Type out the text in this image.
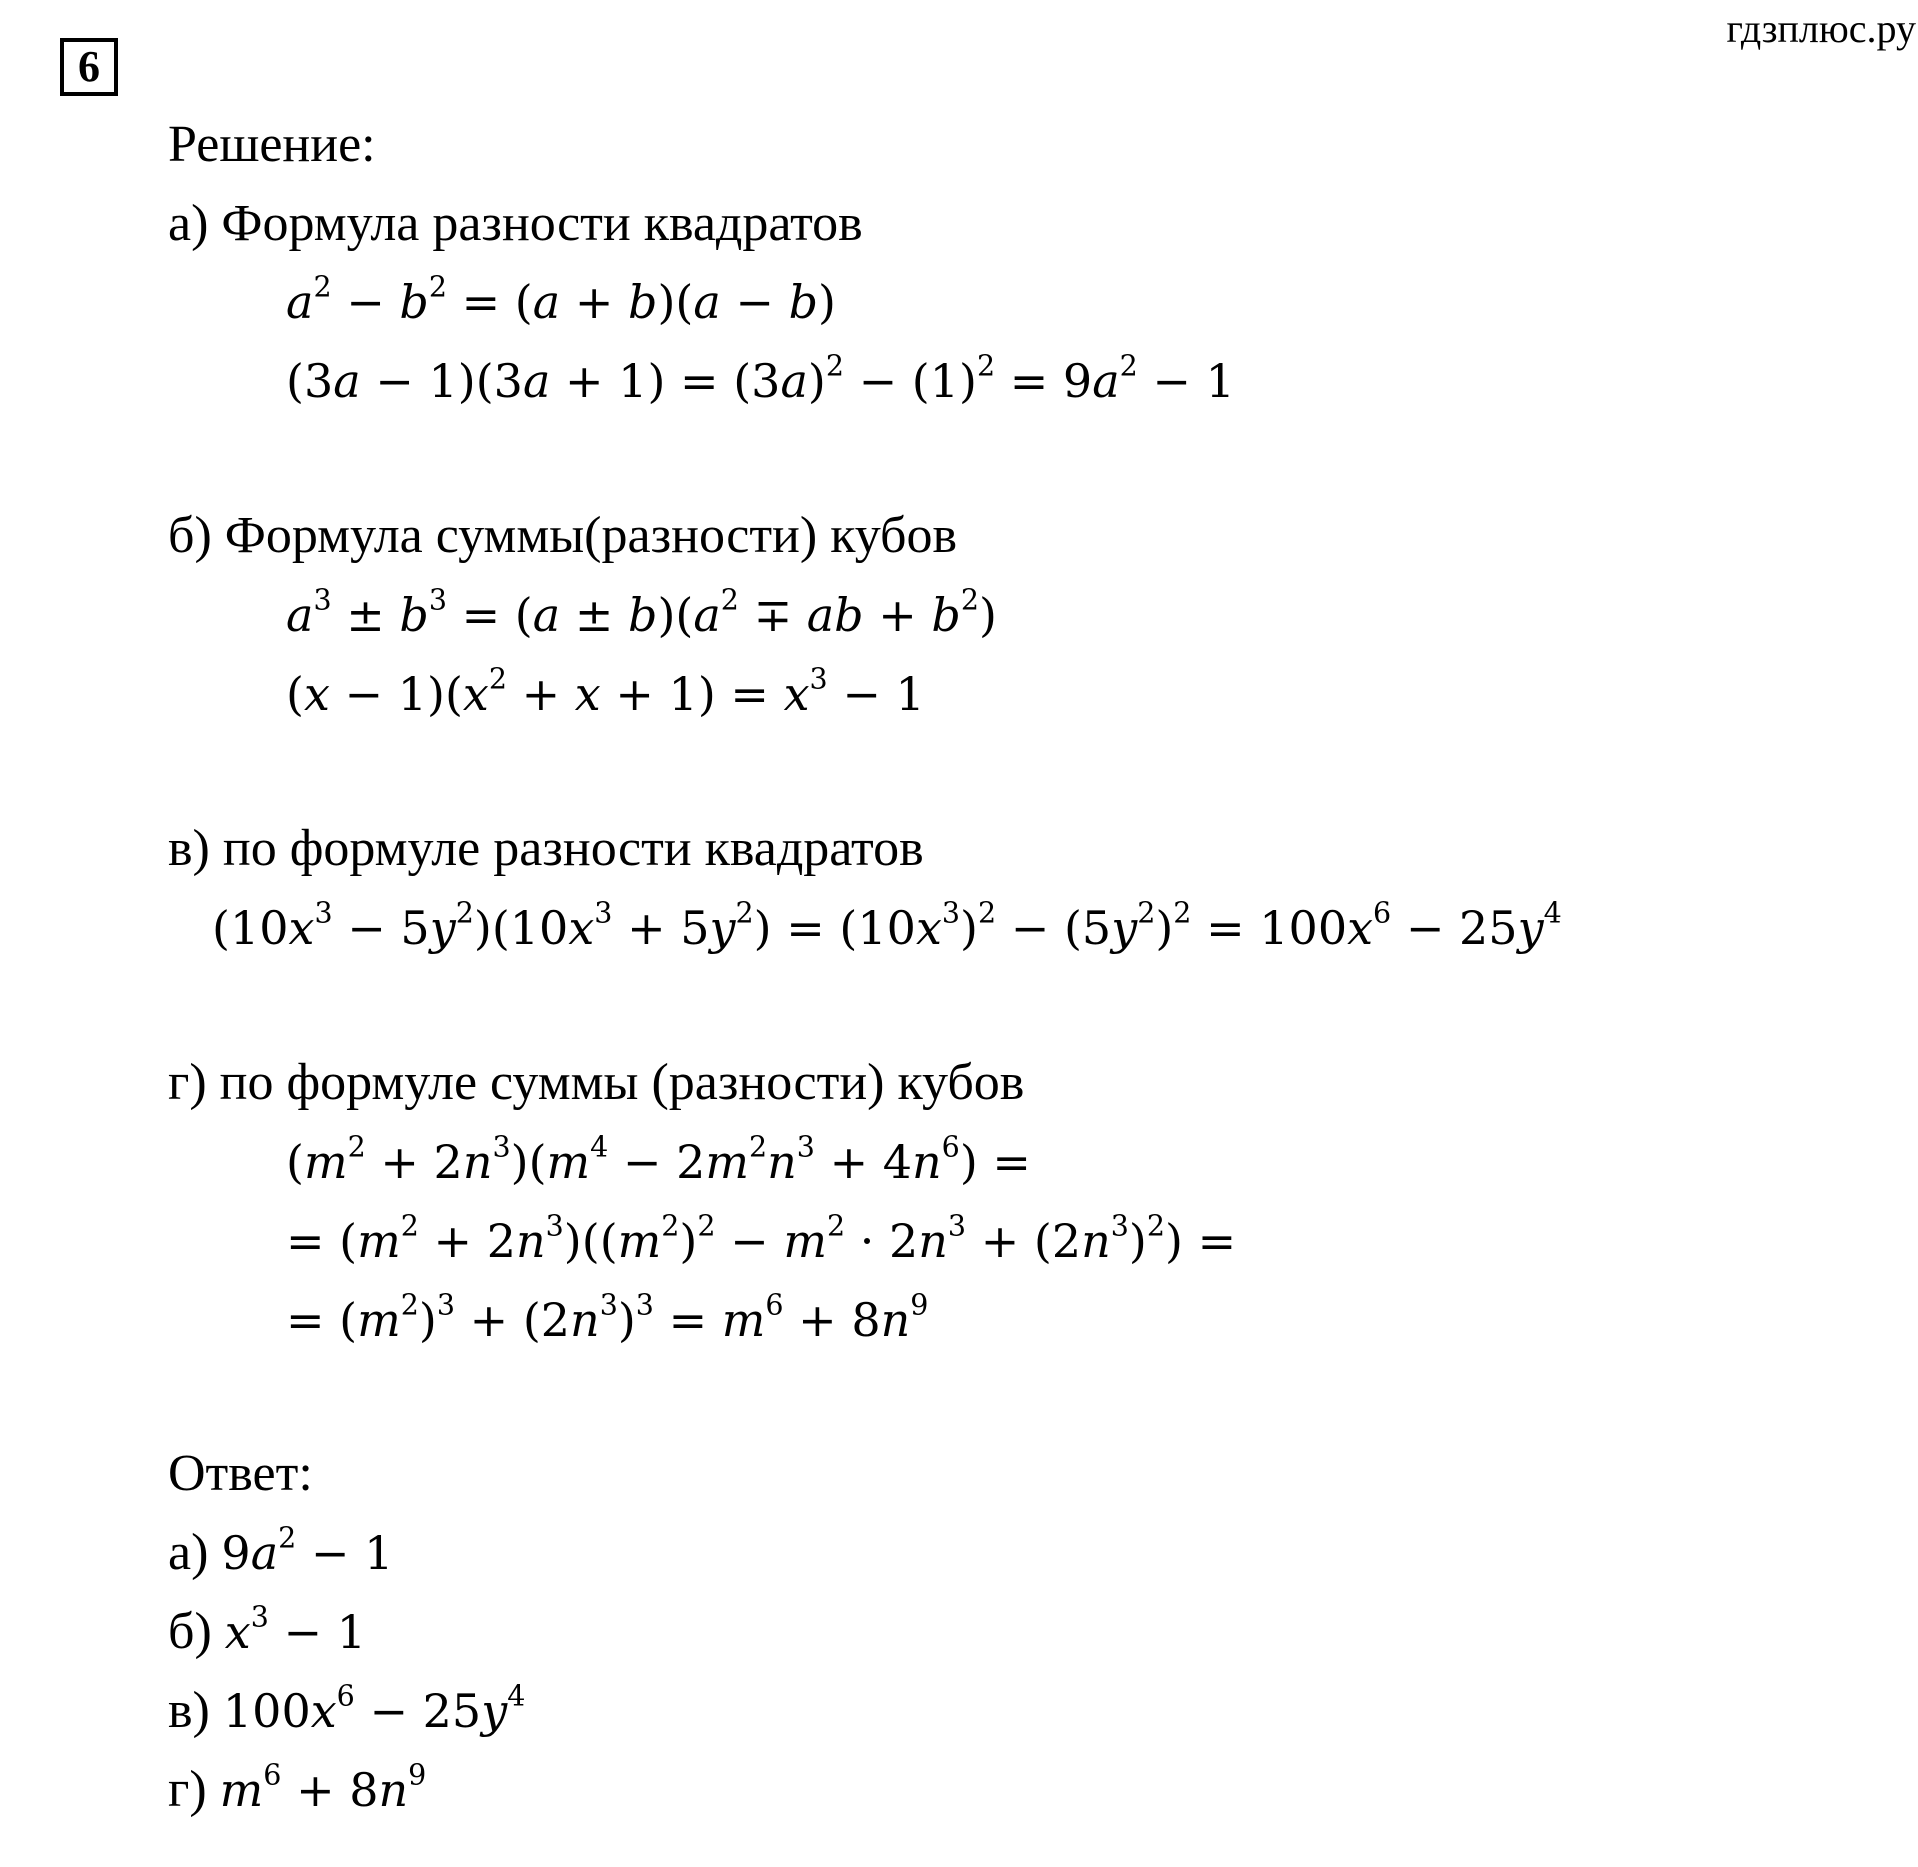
6
гдзплюс.ру
Решение:
а) Формула разности квадратов
$a^2 - b^2 = (a + b)(a - b)$
$(3a - 1)(3a + 1) = (3a)^2 - (1)^2 = 9a^2 - 1$
б) Формула суммы(разности) кубов
$a^3 \pm b^3 = (a \pm b)(a^2$ ∓ ab + $b^2$)
$(x - 1)(x^2 + x + 1) = x^3 - 1$
в) по формуле разности квадратов
$(10x^3 - 5y^2)(10x^3 + 5y^2) = (10x^3)^2 - (5y^2)^2 = 100x^6 - 25y^4$
г) по формуле суммы (разности) кубов
$(m^2 + 2n^3)(m^4 - 2m^2n^3 + 4n^6)$ =
= $(m^2 + 2n^3)((m^2)^2 - m^2 \cdot 2n^3 + (2n^3)^2)$ =
= $(m^2)^3 + (2n^3)^3 = m^6 + 8n^9$
Ответ:
а) $9a^2 - 1$
б) $x^3 - 1$
в) $100x^6 - 25y^4$
г) $m^6 + 8n^9$
